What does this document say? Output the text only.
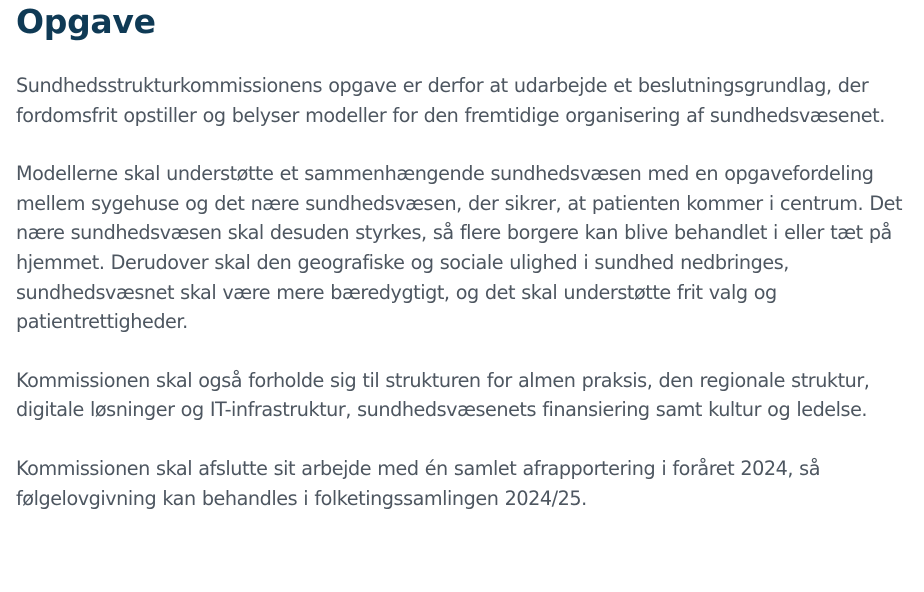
Opgave

Sundhedsstrukturkommissionens opgave er derfor at udarbejde et beslutningsgrundlag, der fordomsfrit opstiller og belyser modeller for den fremtidige organisering af sundhedsvæsenet.

Modellerne skal understøtte et sammenhængende sundhedsvæsen med en opgavefordeling mellem sygehuse og det nære sundhedsvæsen, der sikrer, at patienten kommer i centrum. Det nære sundhedsvæsen skal desuden styrkes, så flere borgere kan blive behandlet i eller tæt på hjemmet. Derudover skal den geografiske og sociale ulighed i sundhed nedbringes, sundhedsvæsnet skal være mere bæredygtigt, og det skal understøtte frit valg og patientrettigheder.

Kommissionen skal også forholde sig til strukturen for almen praksis, den regionale struktur, digitale løsninger og IT-infrastruktur, sundhedsvæsenets finansiering samt kultur og ledelse.

Kommissionen skal afslutte sit arbejde med én samlet afrapportering i foråret 2024, så følgelovgivning kan behandles i folketingssamlingen 2024/25.
